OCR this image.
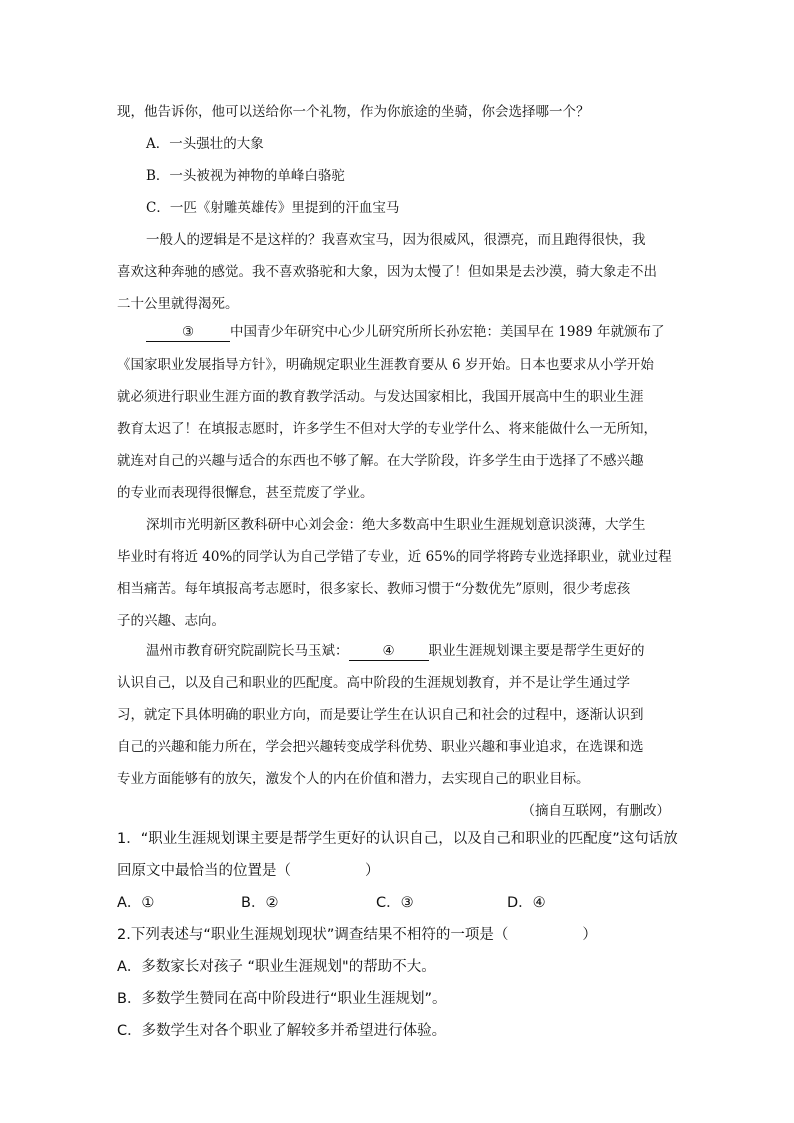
现，他告诉你，他可以送给你一个礼物，作为你旅途的坐骑，你会选择哪一个？
A．一头强壮的大象
B．一头被视为神物的单峰白骆驼
C．一匹《射雕英雄传》里提到的汗血宝马
一般人的逻辑是不是这样的？我喜欢宝马，因为很威风，很漂亮，而且跑得很快，我
喜欢这种奔驰的感觉。我不喜欢骆驼和大象，因为太慢了！但如果是去沙漠，骑大象走不出
二十公里就得渴死。
③	中国青少年研究中心少儿研究所所长孙宏艳：美国早在 1989 年就颁布了
《国家职业发展指导方针》，明确规定职业生涯教育要从 6 岁开始。日本也要求从小学开始
就必须进行职业生涯方面的教育教学活动。与发达国家相比，我国开展高中生的职业生涯
教育太迟了！在填报志愿时，许多学生不但对大学的专业学什么、将来能做什么一无所知，
就连对自己的兴趣与适合的东西也不够了解。在大学阶段，许多学生由于选择了不感兴趣
的专业而表现得很懈怠，甚至荒废了学业。
深圳市光明新区教科研中心刘会金：绝大多数高中生职业生涯规划意识淡薄，大学生
毕业时有将近 40%的同学认为自己学错了专业，近 65%的同学将跨专业选择职业，就业过程
相当痛苦。每年填报高考志愿时，很多家长、教师习惯于“分数优先”原则，很少考虑孩
子的兴趣、志向。
温州市教育研究院副院长马玉斌：	④	职业生涯规划课主要是帮学生更好的
认识自己，以及自己和职业的匹配度。高中阶段的生涯规划教育，并不是让学生通过学
习，就定下具体明确的职业方向，而是要让学生在认识自己和社会的过程中，逐渐认识到
自己的兴趣和能力所在，学会把兴趣转变成学科优势、职业兴趣和事业追求，在选课和选
专业方面能够有的放矢，激发个人的内在价值和潜力，去实现自己的职业目标。
（摘自互联网，有删改）
1．“职业生涯规划课主要是帮学生更好的认识自己，以及自己和职业的匹配度”这句话放
回原文中最恰当的位置是（	）
A．①	B．②	C．③	D．④
2.下列表述与“职业生涯规划现状”调查结果不相符的一项是（	）
A．多数家长对孩子 “职业生涯规划"的帮助不大。
B．多数学生赞同在高中阶段进行“职业生涯规划”。
C．多数学生对各个职业了解较多并希望进行体验。
